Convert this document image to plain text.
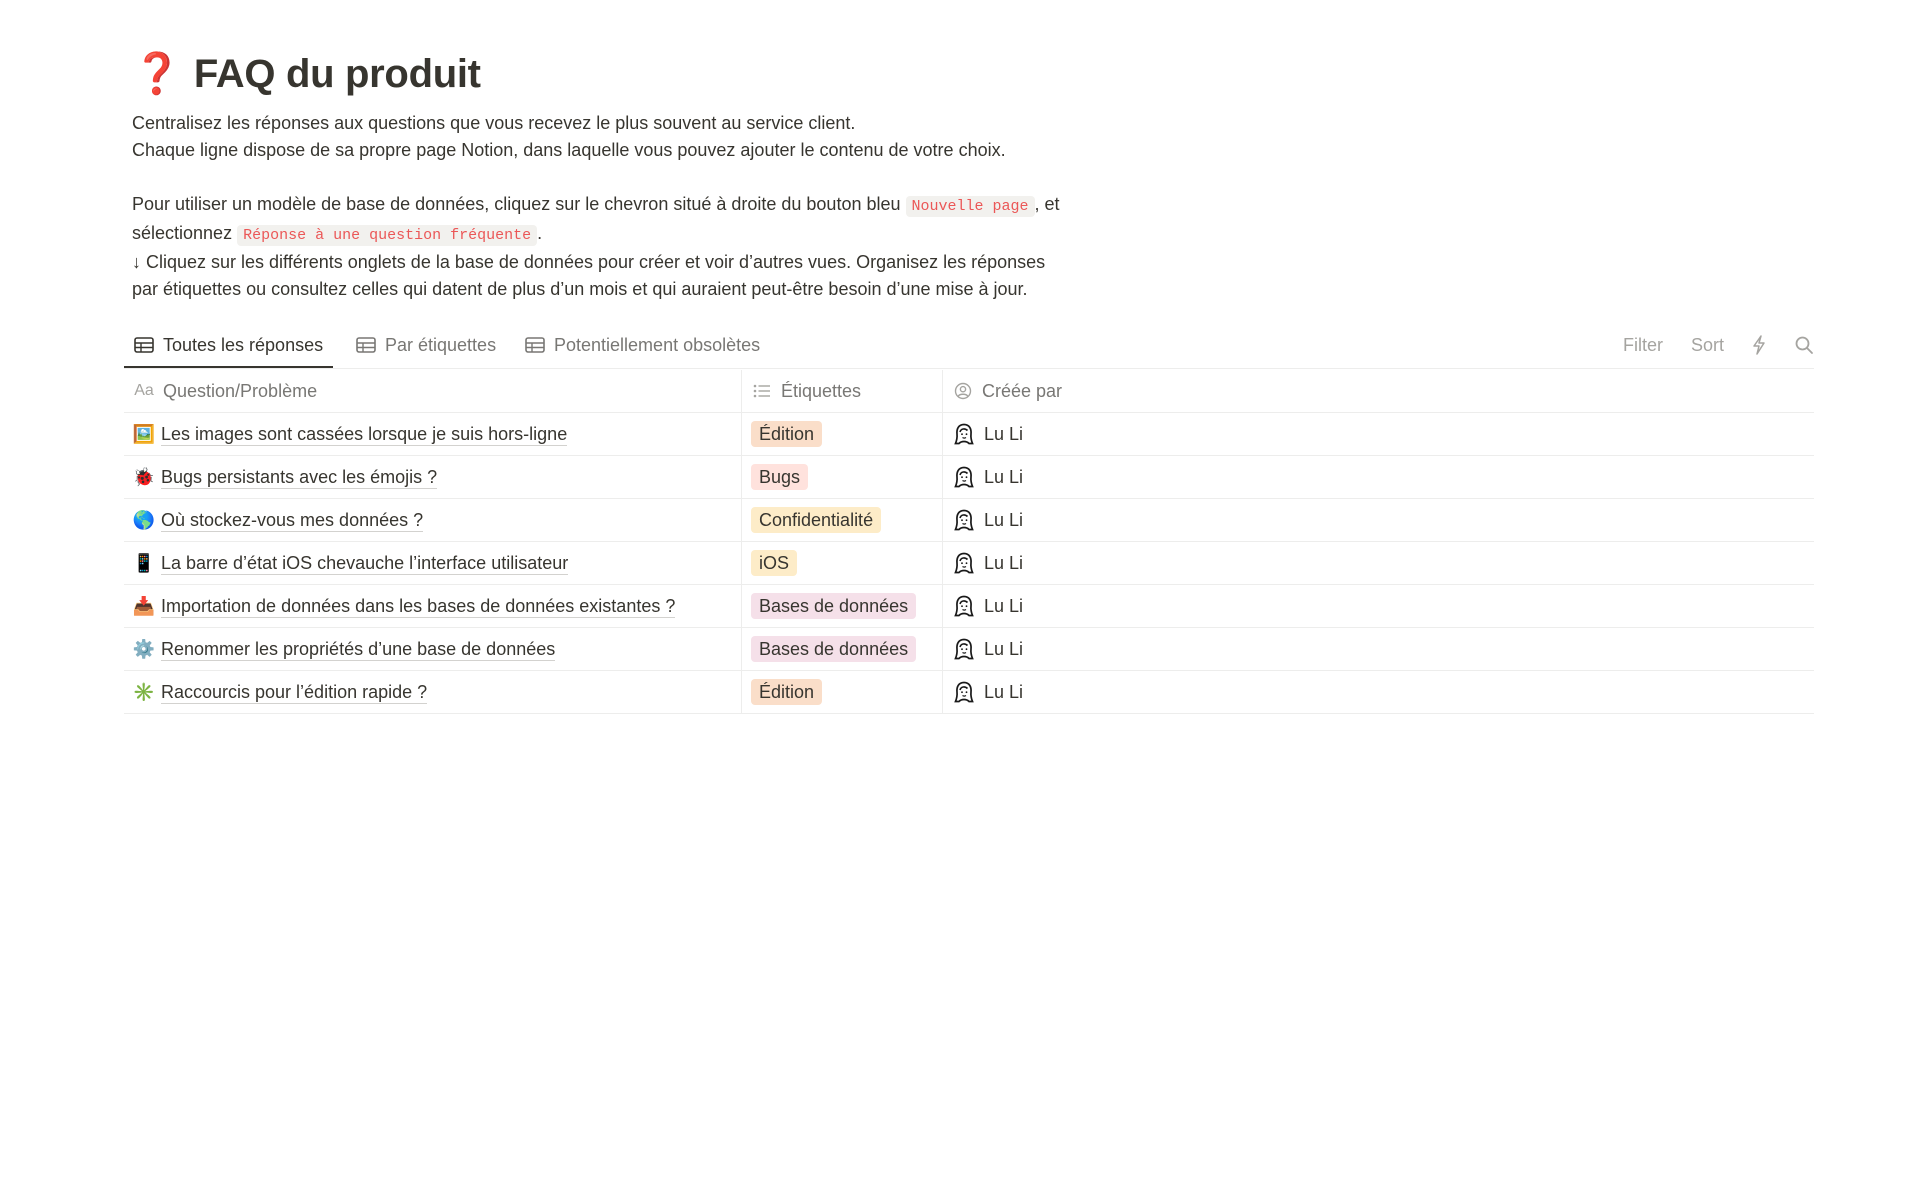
❓ FAQ du produit

Centralisez les réponses aux questions que vous recevez le plus souvent au service client.

Chaque ligne dispose de sa propre page Notion, dans laquelle vous pouvez ajouter le contenu de votre choix.

Pour utiliser un modèle de base de données, cliquez sur le chevron situé à droite du bouton bleu Nouvelle page , et

sélectionnez Réponse à une question fréquente .

↓ Cliquez sur les différents onglets de la base de données pour créer et voir d’autres vues. Organisez les réponses

par étiquettes ou consultez celles qui datent de plus d’un mois et qui auraient peut-être besoin d’une mise à jour.

Toutes les réponses	Par étiquettes	Potentiellement obsolètes	Filter Sort
Aa Question/Problème	Étiquettes	Créée par
🖼️ Les images sont cassées lorsque je suis hors-ligne	Édition	Lu Li
🐞 Bugs persistants avec les émojis ?	Bugs	Lu Li
🌎 Où stockez-vous mes données ?	Confidentialité	Lu Li
📱 La barre d’état iOS chevauche l’interface utilisateur	iOS	Lu Li
📥 Importation de données dans les bases de données existantes ?	Bases de données	Lu Li
⚙️ Renommer les propriétés d’une base de données	Bases de données	Lu Li
✳️ Raccourcis pour l’édition rapide ?	Édition	Lu Li
